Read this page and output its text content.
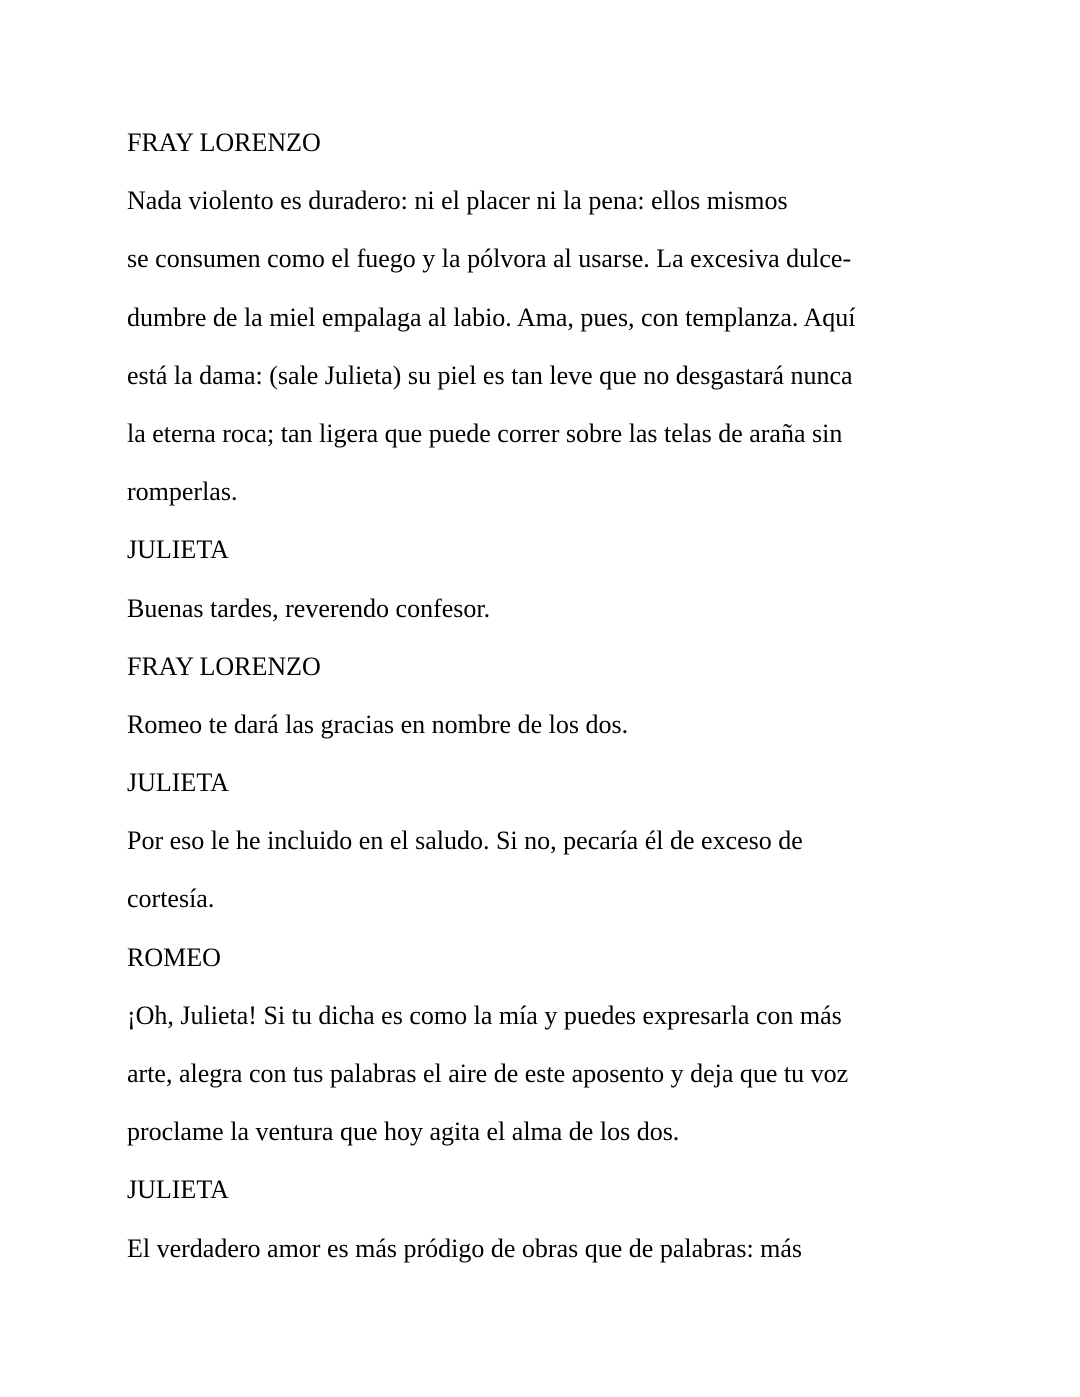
FRAY LORENZO
Nada violento es duradero: ni el placer ni la pena: ellos mismos
se consumen como el fuego y la pólvora al usarse. La excesiva dulce-
dumbre de la miel empalaga al labio. Ama, pues, con templanza. Aquí
está la dama: (sale Julieta) su piel es tan leve que no desgastará nunca
la eterna roca; tan ligera que puede correr sobre las telas de araña sin
romperlas.
JULIETA
Buenas tardes, reverendo confesor.
FRAY LORENZO
Romeo te dará las gracias en nombre de los dos.
JULIETA
Por eso le he incluido en el saludo. Si no, pecaría él de exceso de
cortesía.
ROMEO
¡Oh, Julieta! Si tu dicha es como la mía y puedes expresarla con más
arte, alegra con tus palabras el aire de este aposento y deja que tu voz
proclame la ventura que hoy agita el alma de los dos.
JULIETA
El verdadero amor es más pródigo de obras que de palabras: más
